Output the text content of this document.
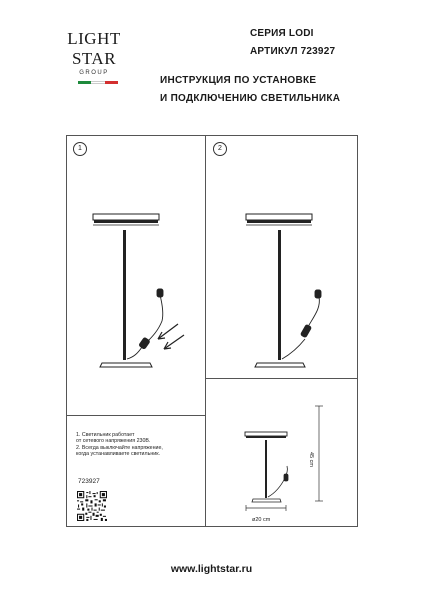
LIGHT
STAR
GROUP
СЕРИЯ LODI
АРТИКУЛ 723927
ИНСТРУКЦИЯ ПО УСТАНОВКЕ
И ПОДКЛЮЧЕНИЮ СВЕТИЛЬНИКА
1	2
1. Светильник работает
от сетевого напряжения 230В.
2. Всегда выключайте напряжение,
когда устанавливаете светильник.
723927
45 cm
ø20 cm
www.lightstar.ru
